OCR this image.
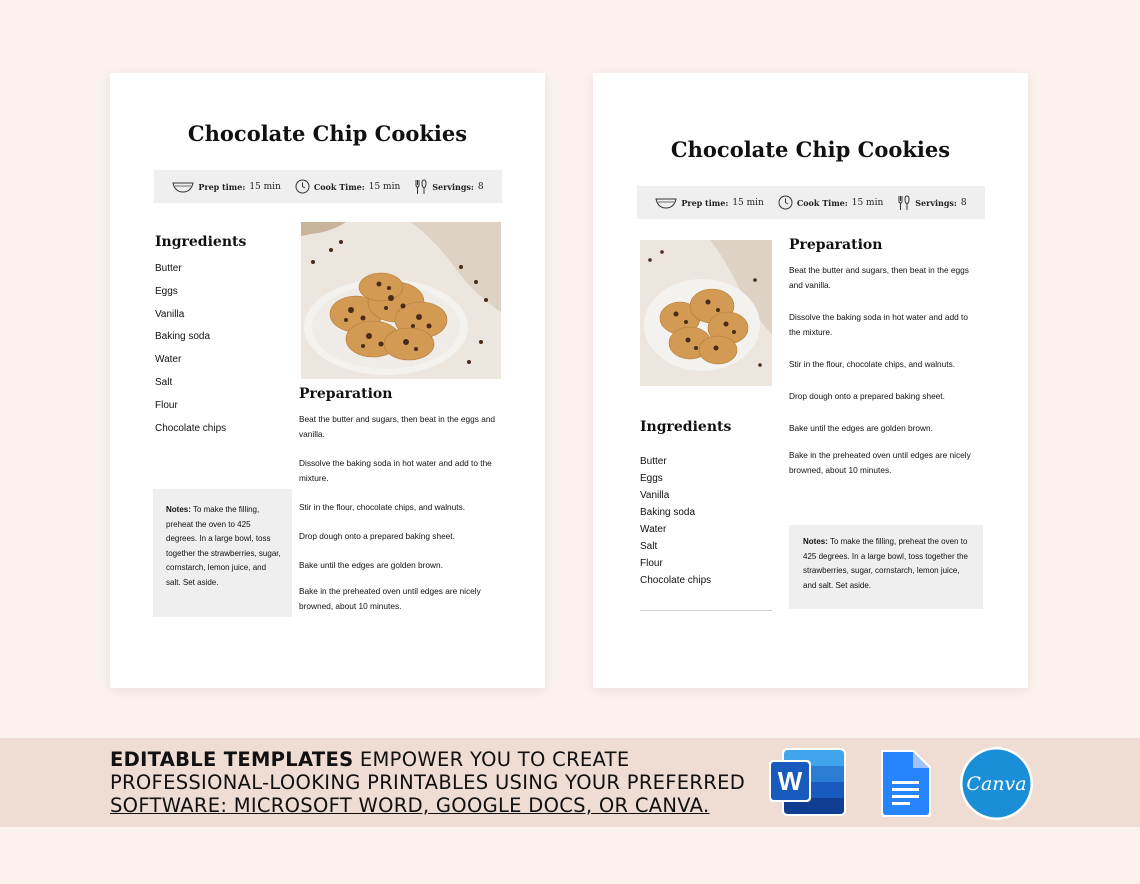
Chocolate Chip Cookies
Prep time: 15 min	Cook Time: 15 min	Servings: 8
Ingredients
Butter
Eggs
Vanilla
Baking soda
Water
Salt
Flour
Chocolate chips
Preparation
Beat the butter and sugars, then beat in the eggs and vanilla.
Dissolve the baking soda in hot water and add to the mixture.
Stir in the flour, chocolate chips, and walnuts.
Drop dough onto a prepared baking sheet.
Bake until the edges are golden brown.
Bake in the preheated oven until edges are nicely browned, about 10 minutes.
Notes: To make the filling, preheat the oven to 425 degrees. In a large bowl, toss together the strawberries, sugar, cornstarch, lemon juice, and salt. Set aside.
Chocolate Chip Cookies
Prep time: 15 min	Cook Time: 15 min	Servings: 8
Ingredients
Butter
Eggs
Vanilla
Baking soda
Water
Salt
Flour
Chocolate chips
Preparation
Beat the butter and sugars, then beat in the eggs and vanilla.
Dissolve the baking soda in hot water and add to the mixture.
Stir in the flour, chocolate chips, and walnuts.
Drop dough onto a prepared baking sheet.
Bake until the edges are golden brown.
Bake in the preheated oven until edges are nicely browned, about 10 minutes.
Notes: To make the filling, preheat the oven to 425 degrees. In a large bowl, toss together the strawberries, sugar, cornstarch, lemon juice, and salt. Set aside.
EDITABLE TEMPLATES EMPOWER YOU TO CREATE
PROFESSIONAL-LOOKING PRINTABLES USING YOUR PREFERRED
SOFTWARE: MICROSOFT WORD, GOOGLE DOCS, OR CANVA.
W	Canva
